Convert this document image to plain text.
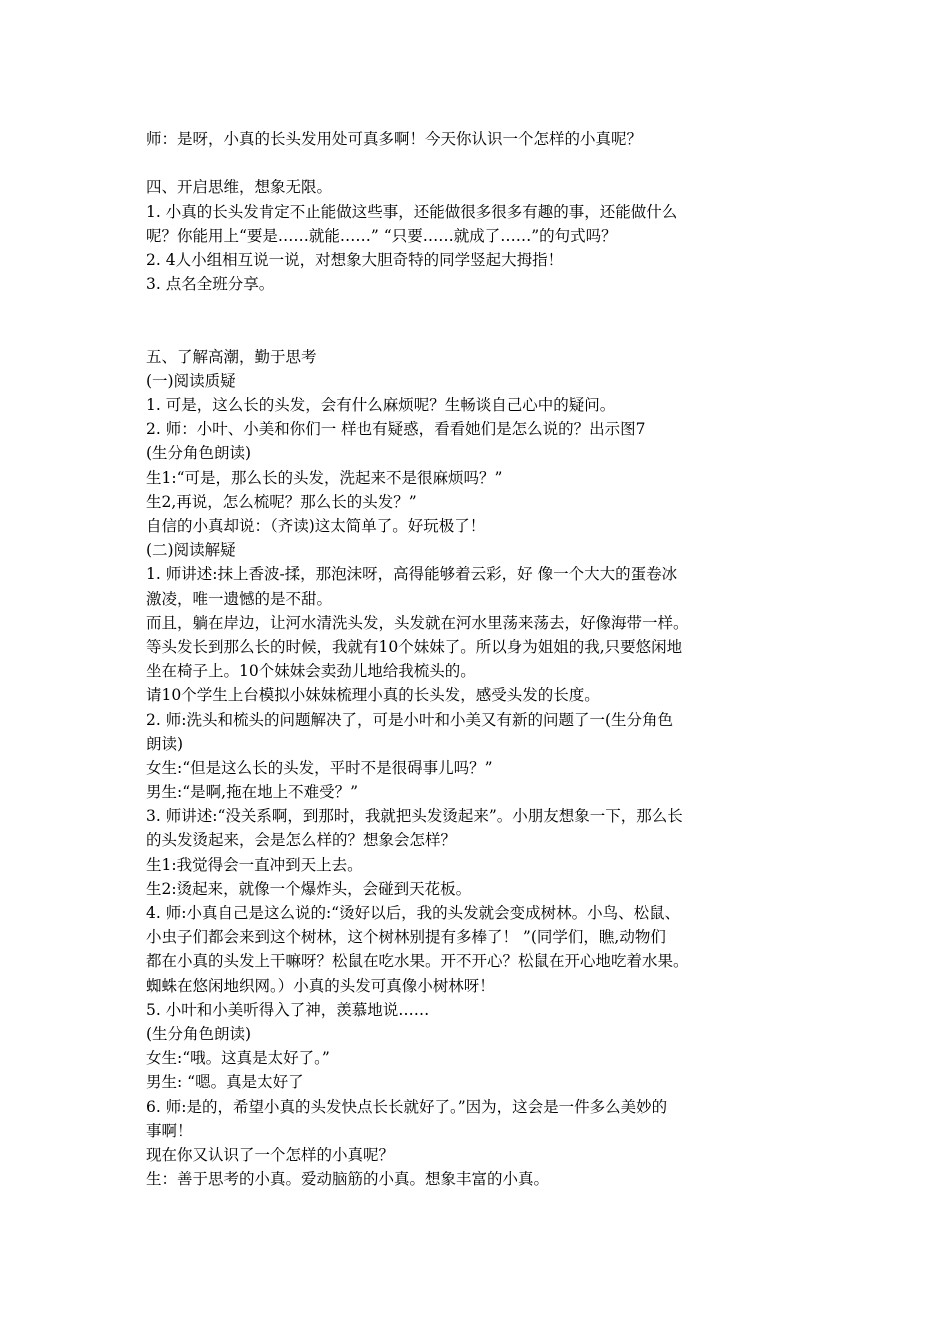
师：是呀，小真的长头发用处可真多啊！今天你认识一个怎样的小真呢？

四、开启思维，想象无限。

1. 小真的长头发肯定不止能做这些事，还能做很多很多有趣的事，还能做什么

呢？你能用上“要是……就能……” “只要……就成了……”的句式吗？

2. 4人小组相互说一说，对想象大胆奇特的同学竖起大拇指！

3. 点名全班分享。

五、了解高潮，勤于思考

(一)阅读质疑

1. 可是，这么长的头发，会有什么麻烦呢？生畅谈自己心中的疑问。

2. 师：小叶、小美和你们一 样也有疑惑，看看她们是怎么说的？出示图7

(生分角色朗读)

生1:“可是，那么长的头发，洗起来不是很麻烦吗？”

生2,再说，怎么梳呢？那么长的头发？”

自信的小真却说：（齐读)这太简单了。好玩极了！

(二)阅读解疑

1. 师讲述:抹上香波-揉，那泡沫呀，高得能够着云彩，好 像一个大大的蛋卷冰

激凌，唯一遗憾的是不甜。

而且，躺在岸边，让河水清洗头发，头发就在河水里荡来荡去，好像海带一样。

等头发长到那么长的时候，我就有10个妹妹了。所以身为姐姐的我,只要悠闲地

坐在椅子上。10个妹妹会卖劲儿地给我梳头的。

请10个学生上台模拟小妹妹梳理小真的长头发，感受头发的长度。

2. 师:洗头和梳头的问题解决了，可是小叶和小美又有新的问题了一(生分角色

朗读)

女生:“但是这么长的头发，平时不是很碍事儿吗？”

男生:“是啊,拖在地上不难受？”

3. 师讲述:“没关系啊，到那时，我就把头发烫起来”。小朋友想象一下，那么长

的头发烫起来，会是怎么样的？想象会怎样？

生1:我觉得会一直冲到天上去。

生2:烫起来，就像一个爆炸头，会碰到天花板。

4. 师:小真自己是这么说的:“烫好以后，我的头发就会变成树林。小鸟、松鼠、

小虫子们都会来到这个树林，这个树林别提有多棒了！ ”(同学们，瞧,动物们

都在小真的头发上干嘛呀？松鼠在吃水果。开不开心？松鼠在开心地吃着水果。

蜘蛛在悠闲地织网。）小真的头发可真像小树林呀！

5. 小叶和小美听得入了神，羡慕地说……

(生分角色朗读)

女生:“哦。这真是太好了。”

男生: “嗯。真是太好了

6. 师:是的，希望小真的头发快点长长就好了。”因为，这会是一件多么美妙的

事啊！

现在你又认识了一个怎样的小真呢？

生：善于思考的小真。爱动脑筋的小真。想象丰富的小真。
